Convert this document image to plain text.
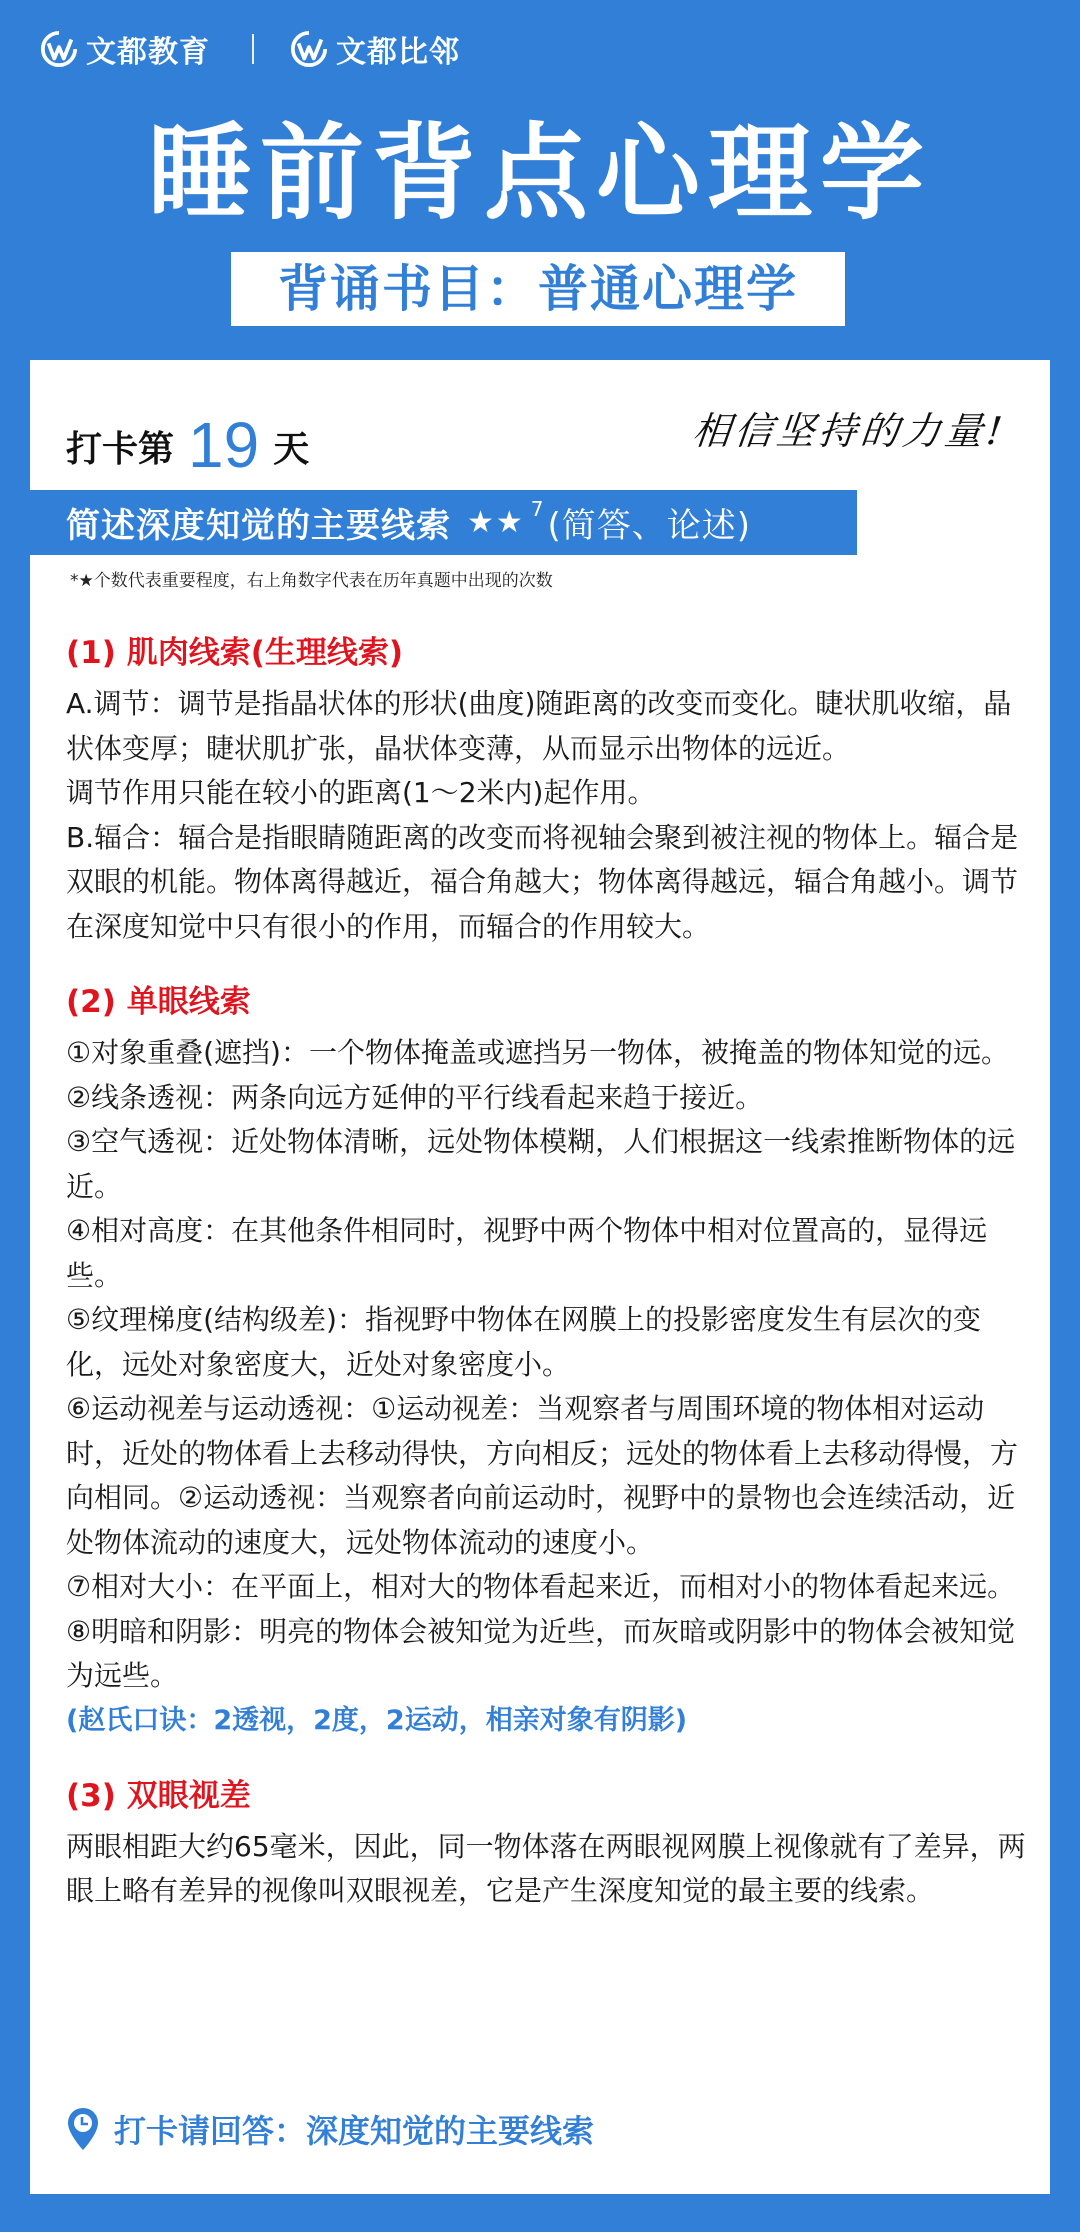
文都教育	文都比邻
睡前背点心理学
背诵书目：普通心理学
打卡第 19 天	相信坚持的力量!
简述深度知觉的主要线索 ★★ 7 (简答、论述)
*★个数代表重要程度，右上角数字代表在历年真题中出现的次数
(1) 肌肉线索(生理线索)
A.调节：调节是指晶状体的形状(曲度)随距离的改变而变化。睫状肌收缩，晶状体变厚；睫状肌扩张，晶状体变薄，从而显示出物体的远近。
调节作用只能在较小的距离(1～2米内)起作用。
B.辐合：辐合是指眼睛随距离的改变而将视轴会聚到被注视的物体上。辐合是双眼的机能。物体离得越近，福合角越大；物体离得越远，辐合角越小。调节在深度知觉中只有很小的作用，而辐合的作用较大。
(2) 单眼线索
①对象重叠(遮挡)：一个物体掩盖或遮挡另一物体，被掩盖的物体知觉的远。
②线条透视：两条向远方延伸的平行线看起来趋于接近。
③空气透视：近处物体清晰，远处物体模糊，人们根据这一线索推断物体的远近。
④相对高度：在其他条件相同时，视野中两个物体中相对位置高的，显得远些。
⑤纹理梯度(结构级差)：指视野中物体在网膜上的投影密度发生有层次的变化，远处对象密度大，近处对象密度小。
⑥运动视差与运动透视：①运动视差：当观察者与周围环境的物体相对运动时，近处的物体看上去移动得快，方向相反；远处的物体看上去移动得慢，方向相同。②运动透视：当观察者向前运动时，视野中的景物也会连续活动，近处物体流动的速度大，远处物体流动的速度小。
⑦相对大小：在平面上，相对大的物体看起来近，而相对小的物体看起来远。
⑧明暗和阴影：明亮的物体会被知觉为近些，而灰暗或阴影中的物体会被知觉为远些。
(赵氏口诀：2透视，2度，2运动，相亲对象有阴影)
(3) 双眼视差
两眼相距大约65毫米，因此，同一物体落在两眼视网膜上视像就有了差异，两眼上略有差异的视像叫双眼视差，它是产生深度知觉的最主要的线索。
打卡请回答：深度知觉的主要线索
